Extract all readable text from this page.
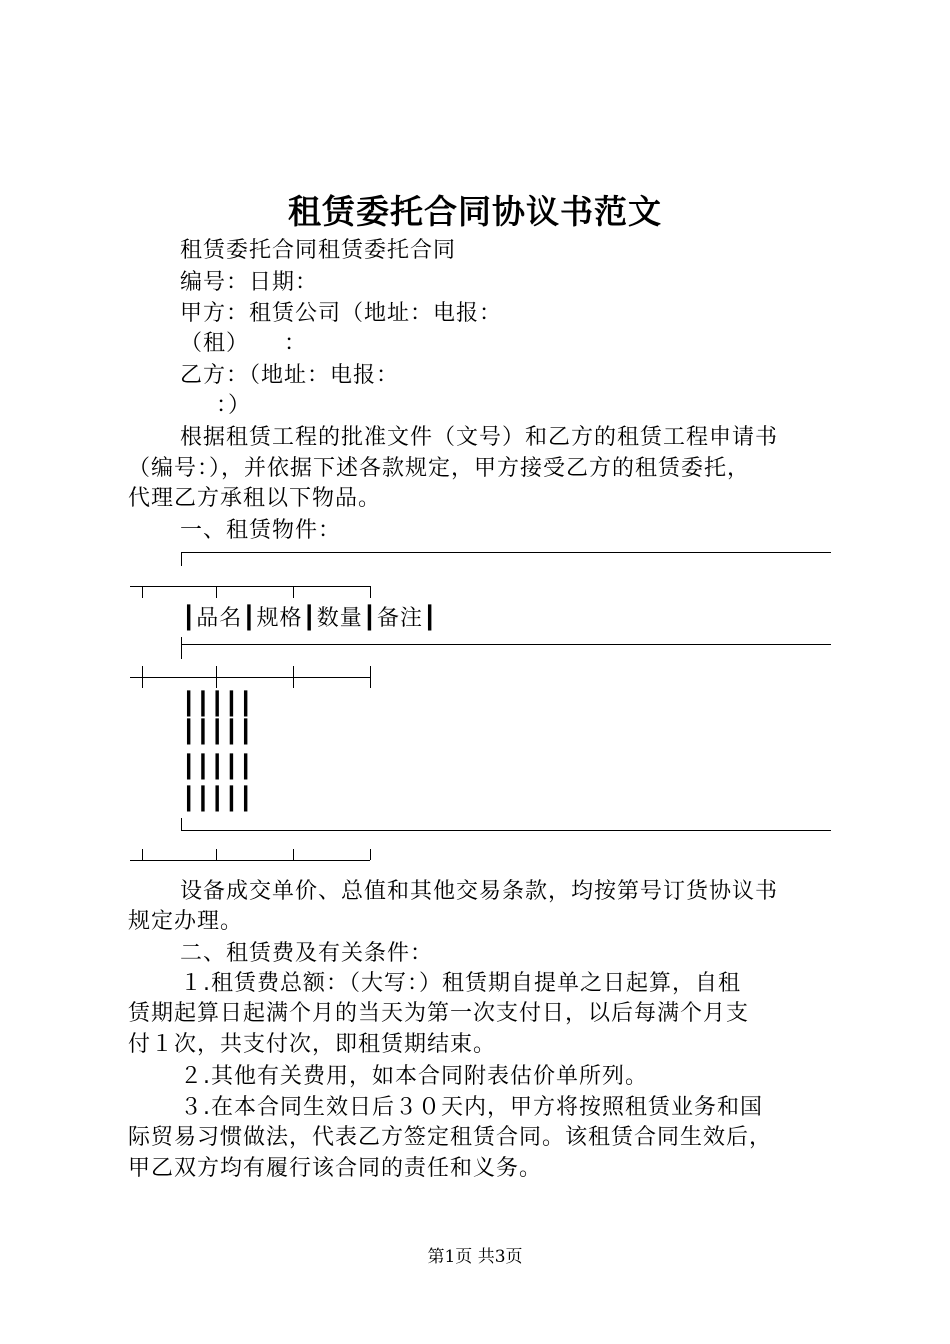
租赁委托合同协议书范文
租赁委托合同租赁委托合同
编号：日期：
甲方：租赁公司（地址：电报：
（租）　　：
乙方：（地址：电报：
：）
根据租赁工程的批准文件（文号）和乙方的租赁工程申请书
（编号：），并依据下述各款规定，甲方接受乙方的租赁委托，
代理乙方承租以下物品。
一、租赁物件：
┃品名┃规格┃数量┃备注┃
┃┃┃┃┃
┃┃┃┃┃
┃┃┃┃┃
┃┃┃┃┃
设备成交单价、总值和其他交易条款，均按第号订货协议书
规定办理。
二、租赁费及有关条件：
１.租赁费总额：（大写：）租赁期自提单之日起算，自租
赁期起算日起满个月的当天为第一次支付日，以后每满个月支
付１次，共支付次，即租赁期结束。
２.其他有关费用，如本合同附表估价单所列。
３.在本合同生效日后３０天内，甲方将按照租赁业务和国
际贸易习惯做法，代表乙方签定租赁合同。该租赁合同生效后，
甲乙双方均有履行该合同的责任和义务。
第1页 共3页
